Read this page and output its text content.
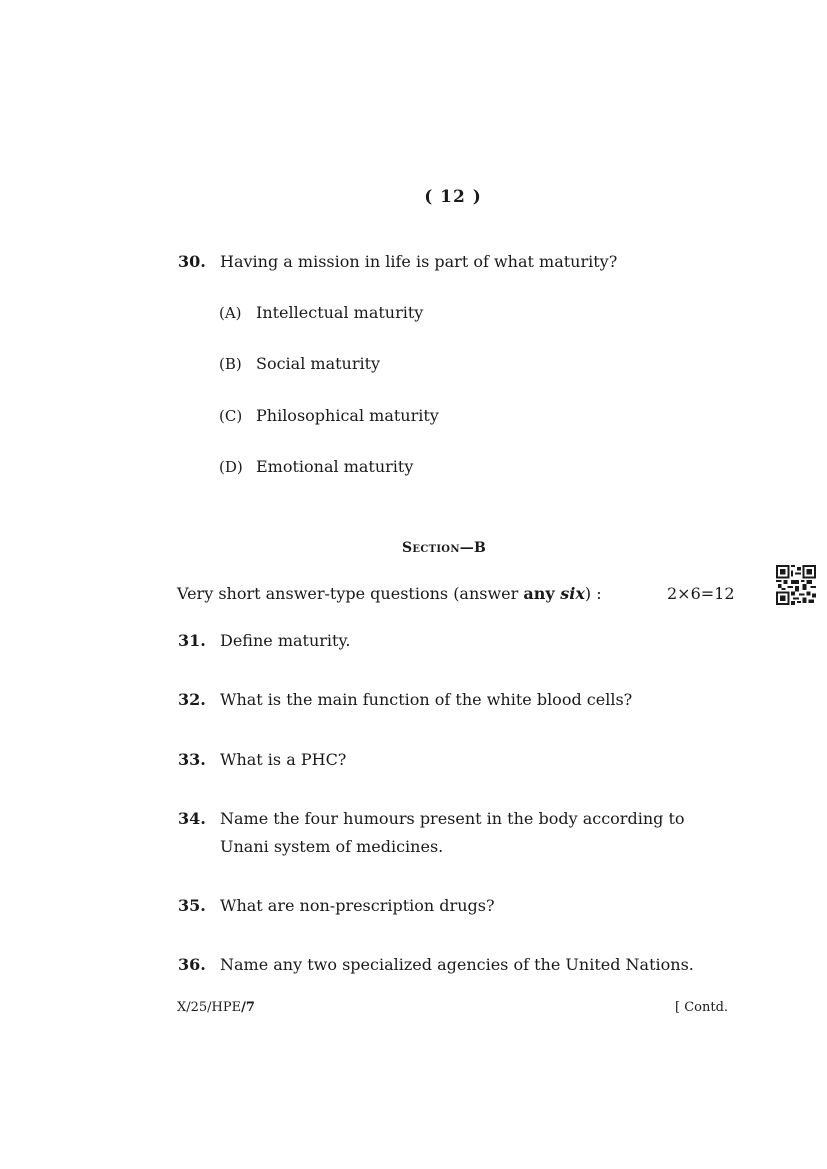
( 12 )
30. Having a mission in life is part of what maturity?
(A) Intellectual maturity
(B) Social maturity
(C) Philosophical maturity
(D) Emotional maturity
Section—B
Very short answer-type questions (answer any six) :	2×6=12
31. Define maturity.
32. What is the main function of the white blood cells?
33. What is a PHC?
34. Name the four humours present in the body according to
Unani system of medicines.
35. What are non-prescription drugs?
36. Name any two specialized agencies of the United Nations.
X/25/HPE/7	[ Contd.
